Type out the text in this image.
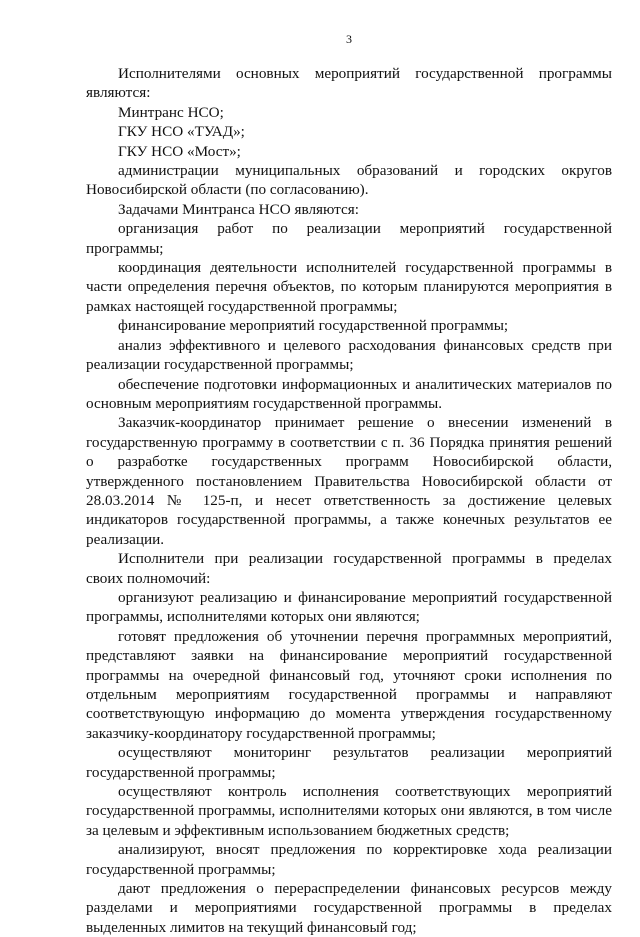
3

Исполнителями основных мероприятий государственной программы являются:

Минтранс НСО;

ГКУ НСО «ТУАД»;

ГКУ НСО «Мост»;

администрации муниципальных образований и городских округов Новосибирской области (по согласованию).

Задачами Минтранса НСО являются:

организация работ по реализации мероприятий государственной программы;

координация деятельности исполнителей государственной программы в части определения перечня объектов, по которым планируются мероприятия в рамках настоящей государственной программы;

финансирование мероприятий государственной программы;

анализ эффективного и целевого расходования финансовых средств при реализации государственной программы;

обеспечение подготовки информационных и аналитических материалов по основным мероприятиям государственной программы.

Заказчик-координатор принимает решение о внесении изменений в государственную программу в соответствии с п. 36 Порядка принятия решений о разработке государственных программ Новосибирской области, утвержденного постановлением Правительства Новосибирской области от 28.03.2014 № 125-п, и несет ответственность за достижение целевых индикаторов государственной программы, а также конечных результатов ее реализации.

Исполнители при реализации государственной программы в пределах своих полномочий:

организуют реализацию и финансирование мероприятий государственной программы, исполнителями которых они являются;

готовят предложения об уточнении перечня программных мероприятий, представляют заявки на финансирование мероприятий государственной программы на очередной финансовый год, уточняют сроки исполнения по отдельным мероприятиям государственной программы и направляют соответствующую информацию до момента утверждения государственному заказчику-координатору государственной программы;

осуществляют мониторинг результатов реализации мероприятий государственной программы;

осуществляют контроль исполнения соответствующих мероприятий государственной программы, исполнителями которых они являются, в том числе за целевым и эффективным использованием бюджетных средств;

анализируют, вносят предложения по корректировке хода реализации государственной программы;

дают предложения о перераспределении финансовых ресурсов между разделами и мероприятиями государственной программы в пределах выделенных лимитов на текущий финансовый год;
